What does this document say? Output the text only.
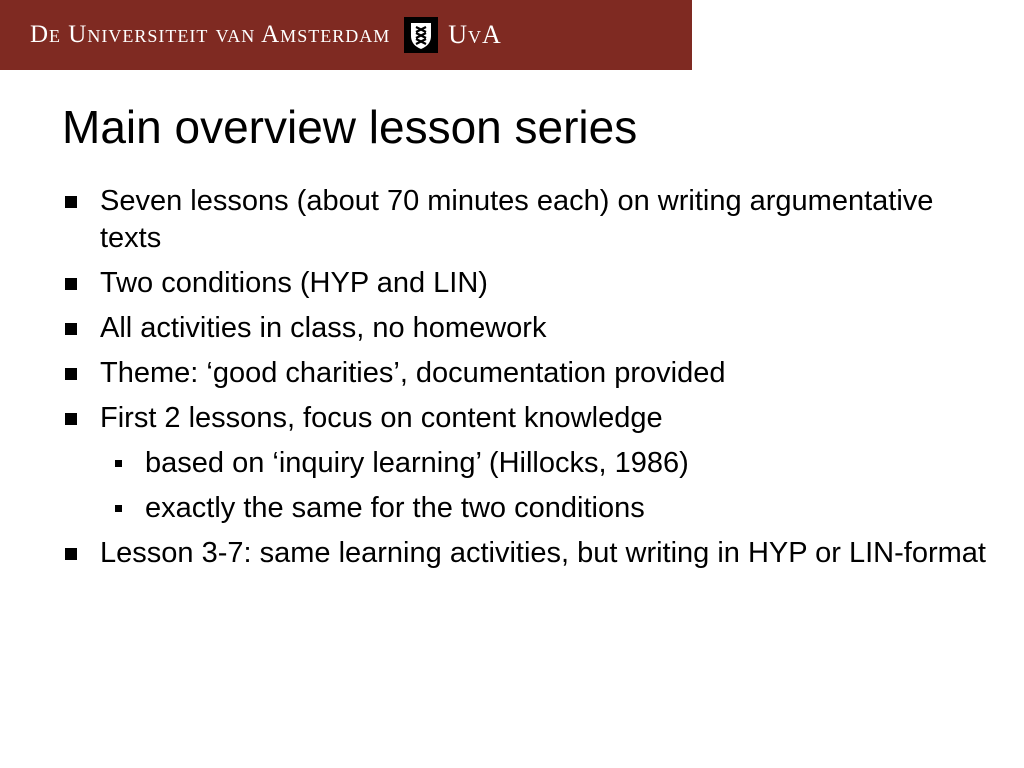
De Universiteit van Amsterdam UvA
Main overview lesson series
Seven lessons (about 70 minutes each) on writing argumentative texts
Two conditions (HYP and LIN)
All activities in class, no homework
Theme: ‘good charities’, documentation provided
First 2 lessons, focus on content knowledge
based on ‘inquiry learning’ (Hillocks, 1986)
exactly the same for the two conditions
Lesson 3-7: same learning activities, but writing in HYP or LIN-format
